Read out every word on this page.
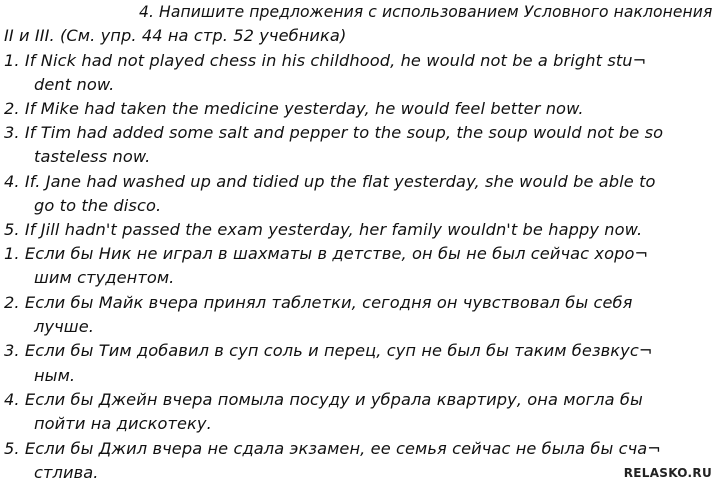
4. Напишите предложения с использованием Условного наклонения
II и III. (См. упр. 44 на стр. 52 учебника)
1. If Nick had not played chess in his childhood, he would not be a bright stu¬
dent now.
2. If Mike had taken the medicine yesterday, he would feel better now.
3. If Tim had added some salt and pepper to the soup, the soup would not be so
tasteless now.
4. If. Jane had washed up and tidied up the flat yesterday, she would be able to
go to the disco.
5. If Jill hadn't passed the exam yesterday, her family wouldn't be happy now.
1. Если бы Ник не играл в шахматы в детстве, он бы не был сейчас хоро¬
шим студентом.
2. Если бы Майк вчера принял таблетки, сегодня он чувствовал бы себя
лучше.
3. Если бы Тим добавил в суп соль и перец, суп не был бы таким безвкус¬
ным.
4. Если бы Джейн вчера помыла посуду и убрала квартиру, она могла бы
пойти на дискотеку.
5. Если бы Джил вчера не сдала экзамен, ее семья сейчас не была бы сча¬
стлива.	RELASKO.RU
